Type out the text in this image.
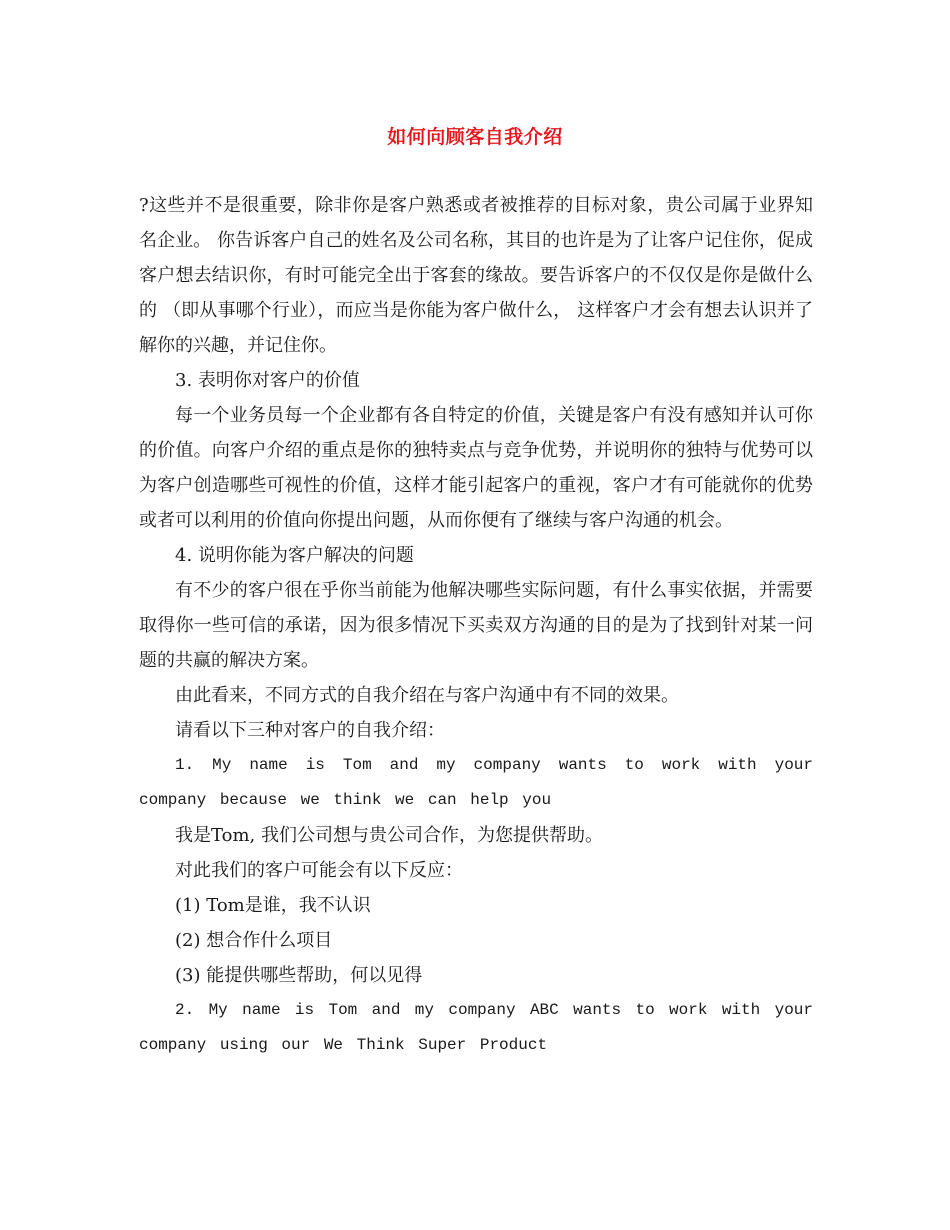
如何向顾客自我介绍

?这些并不是很重要，除非你是客户熟悉或者被推荐的目标对象，贵公司属于业界知名企业。 你告诉客户自己的姓名及公司名称，其目的也许是为了让客户记住你，促成客户想去结识你，有时可能完全出于客套的缘故。要告诉客户的不仅仅是你是做什么的 （即从事哪个行业），而应当是你能为客户做什么， 这样客户才会有想去认识并了解你的兴趣，并记住你。

3. 表明你对客户的价值

每一个业务员每一个企业都有各自特定的价值，关键是客户有没有感知并认可你的价值。向客户介绍的重点是你的独特卖点与竞争优势，并说明你的独特与优势可以为客户创造哪些可视性的价值，这样才能引起客户的重视，客户才有可能就你的优势或者可以利用的价值向你提出问题，从而你便有了继续与客户沟通的机会。

4. 说明你能为客户解决的问题

有不少的客户很在乎你当前能为他解决哪些实际问题，有什么事实依据，并需要取得你一些可信的承诺，因为很多情况下买卖双方沟通的目的是为了找到针对某一问题的共赢的解决方案。

由此看来，不同方式的自我介绍在与客户沟通中有不同的效果。

请看以下三种对客户的自我介绍：

1. My name is Tom and my company wants to work with your company because we think we can help you

我是Tom, 我们公司想与贵公司合作，为您提供帮助。

对此我们的客户可能会有以下反应：

(1) Tom是谁，我不认识

(2) 想合作什么项目

(3) 能提供哪些帮助，何以见得

2. My name is Tom and my company ABC wants to work with your company using our We Think Super Product
